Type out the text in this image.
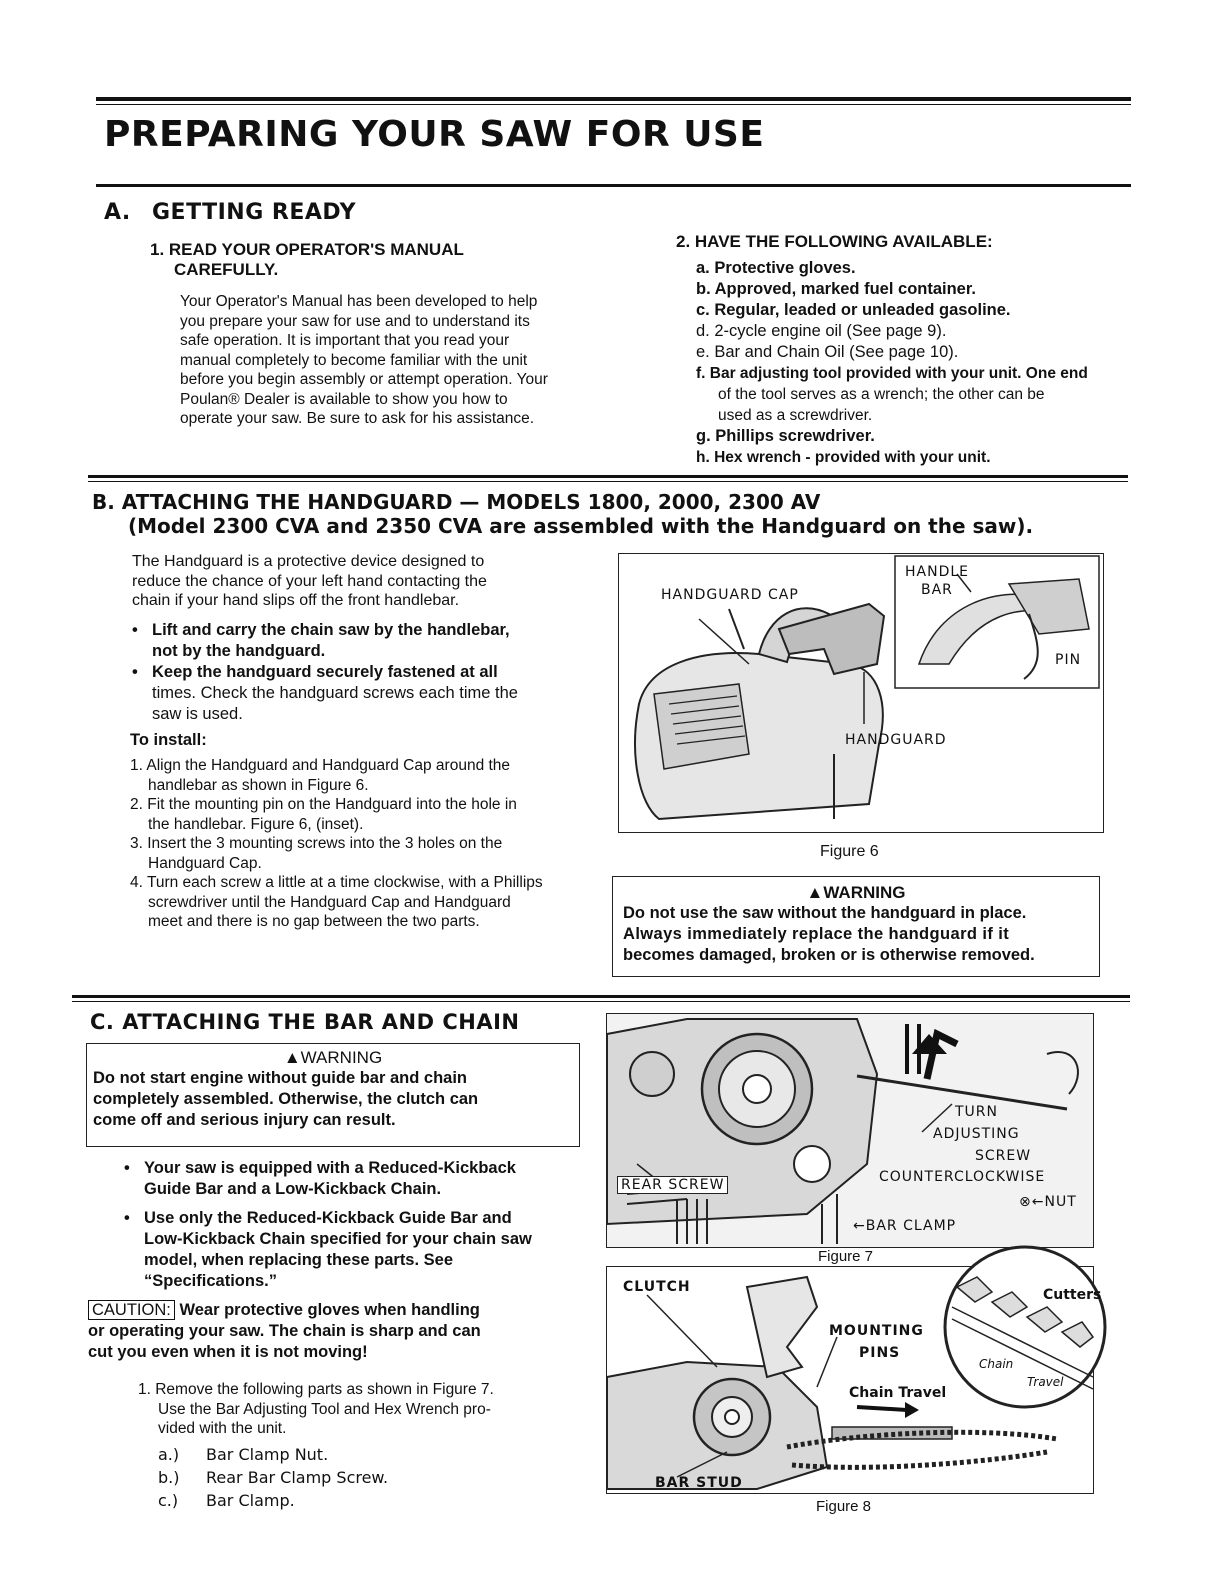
PREPARING YOUR SAW FOR USE
A. GETTING READY
1. READ YOUR OPERATOR'S MANUAL
CAREFULLY.
Your Operator's Manual has been developed to help
you prepare your saw for use and to understand its
safe operation. It is important that you read your
manual completely to become familiar with the unit
before you begin assembly or attempt operation. Your
Poulan® Dealer is available to show you how to
operate your saw. Be sure to ask for his assistance.
2. HAVE THE FOLLOWING AVAILABLE:
a. Protective gloves.
b. Approved, marked fuel container.
c. Regular, leaded or unleaded gasoline.
d. 2-cycle engine oil (See page 9).
e. Bar and Chain Oil (See page 10).
f. Bar adjusting tool provided with your unit. One end
of the tool serves as a wrench; the other can be
used as a screwdriver.
g. Phillips screwdriver.
h. Hex wrench - provided with your unit.
B. ATTACHING THE HANDGUARD — MODELS 1800, 2000, 2300 AV
(Model 2300 CVA and 2350 CVA are assembled with the Handguard on the saw).
The Handguard is a protective device designed to
reduce the chance of your left hand contacting the
chain if your hand slips off the front handlebar.
• Lift and carry the chain saw by the handlebar,
not by the handguard.
• Keep the handguard securely fastened at all
times. Check the handguard screws each time the
saw is used.
To install:
1. Align the Handguard and Handguard Cap around the
handlebar as shown in Figure 6.
2. Fit the mounting pin on the Handguard into the hole in
the handlebar. Figure 6, (inset).
3. Insert the 3 mounting screws into the 3 holes on the
Handguard Cap.
4. Turn each screw a little at a time clockwise, with a Phillips
screwdriver until the Handguard Cap and Handguard
meet and there is no gap between the two parts.
HANDGUARD CAP
HANDLE
BAR
PIN
HANDGUARD
Figure 6
▲WARNING
Do not use the saw without the handguard in place.
Always immediately replace the handguard if it
becomes damaged, broken or is otherwise removed.
C. ATTACHING THE BAR AND CHAIN
▲WARNING
Do not start engine without guide bar and chain
completely assembled. Otherwise, the clutch can
come off and serious injury can result.
• Your saw is equipped with a Reduced-Kickback
Guide Bar and a Low-Kickback Chain.
• Use only the Reduced-Kickback Guide Bar and
Low-Kickback Chain specified for your chain saw
model, when replacing these parts. See
“Specifications.”
CAUTION: Wear protective gloves when handling
or operating your saw. The chain is sharp and can
cut you even when it is not moving!
1. Remove the following parts as shown in Figure 7.
Use the Bar Adjusting Tool and Hex Wrench pro-
vided with the unit.
a.) Bar Clamp Nut.
b.) Rear Bar Clamp Screw.
c.) Bar Clamp.
TURN
ADJUSTING
SCREW
COUNTERCLOCKWISE
⊗←NUT
REAR SCREW
←BAR CLAMP
Figure 7
CLUTCH
MOUNTING
PINS
Chain Travel
Cutters
Chain
Travel
BAR STUD
Figure 8
